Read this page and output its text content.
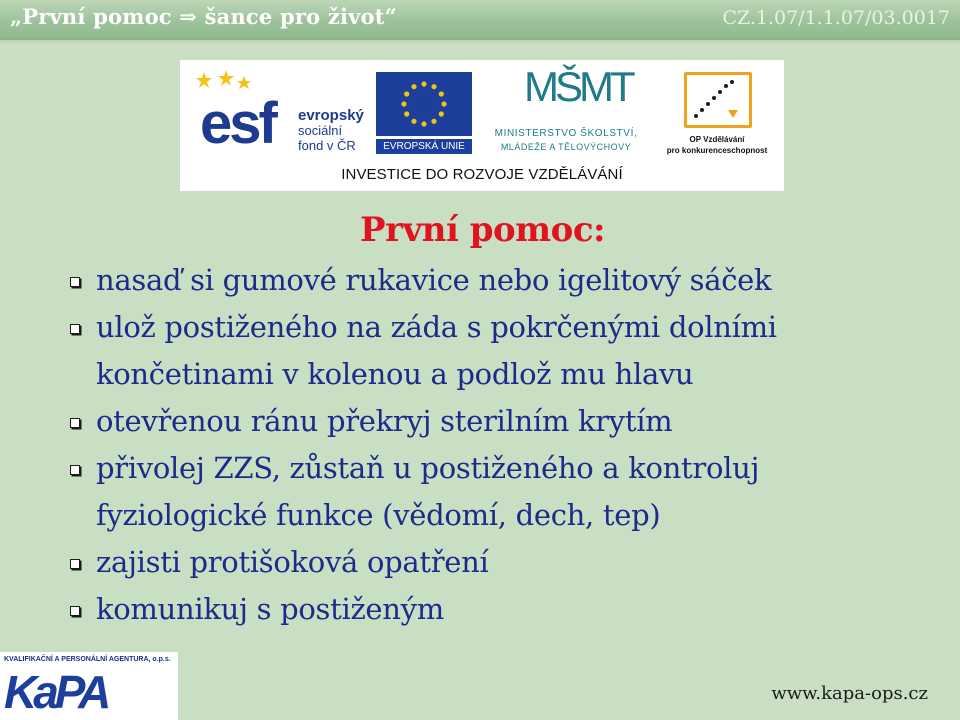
„První pomoc ⇒ šance pro život“	CZ.1.07/1.1.07/03.0017
esf evropský
sociální
fond v ČR	EVROPSKÁ UNIE
MŠMT
MINISTERSTVO ŠKOLSTVÍ,
MLÁDEŽE A TĚLOVÝCHOVY
OP Vzdělávání
pro konkurenceschopnost
INVESTICE DO ROZVOJE VZDĚLÁVÁNÍ
První pomoc:
nasaď si gumové rukavice nebo igelitový sáček
ulož postiženého na záda s pokrčenými dolními
končetinami v kolenou a podlož mu hlavu
otevřenou ránu překryj sterilním krytím
přivolej ZZS, zůstaň u postiženého a kontroluj
fyziologické funkce (vědomí, dech, tep)
zajisti protišoková opatření
komunikuj s postiženým
KVALIFIKAČNÍ A PERSONÁLNÍ AGENTURA, o.p.s.
KaPA	www.kapa-ops.cz
